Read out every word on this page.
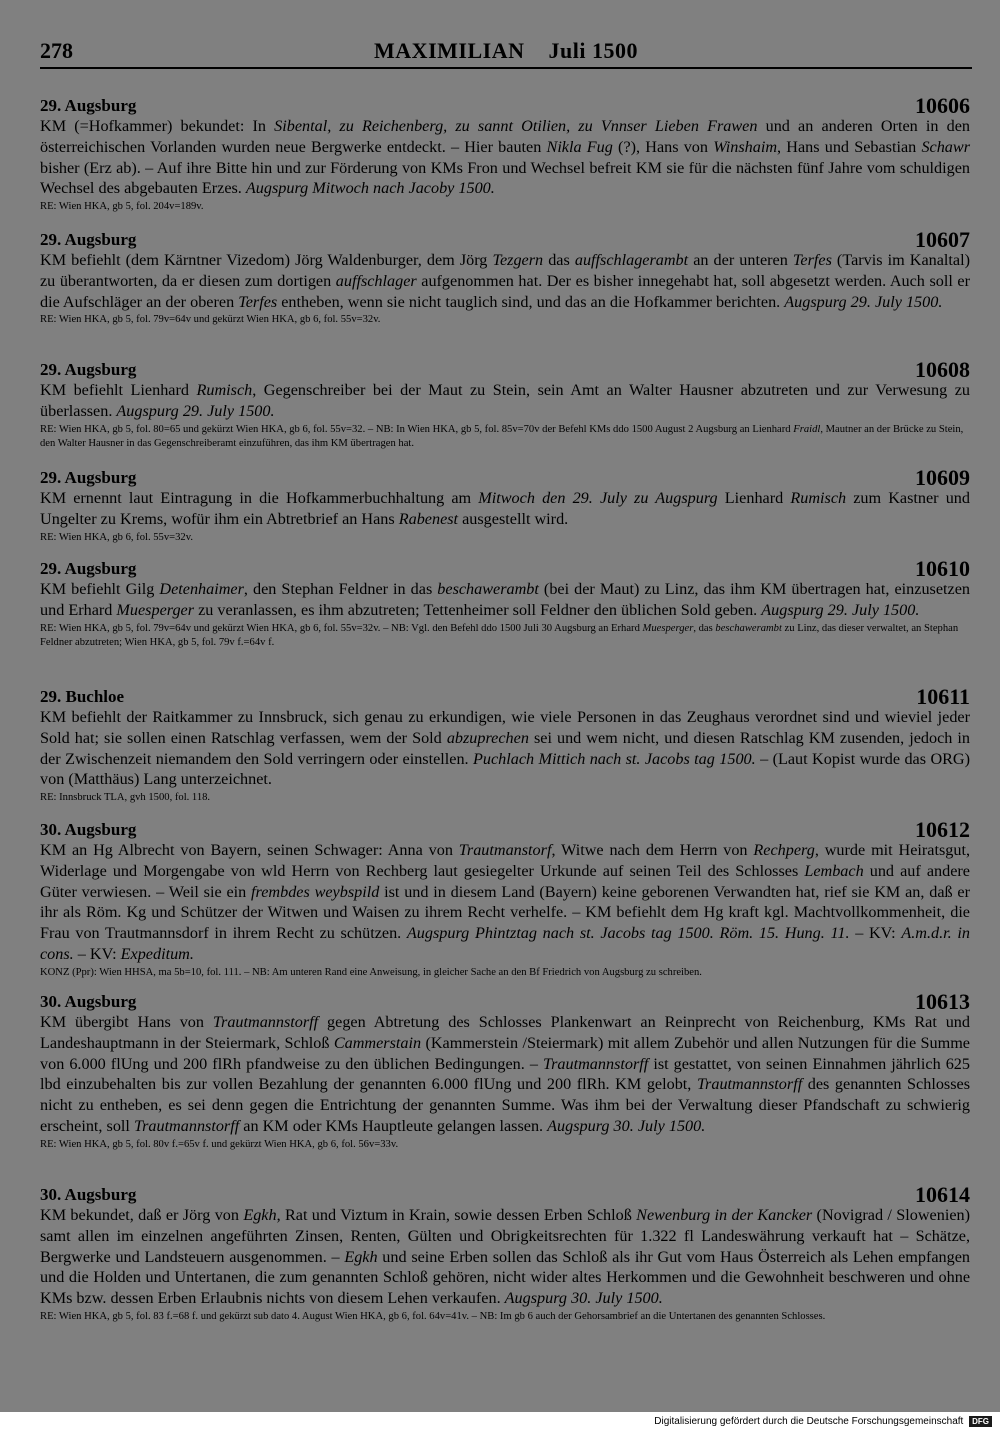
278	MAXIMILIAN Juli 1500
29. Augsburg	10606
KM (=Hofkammer) bekundet: In Sibental, zu Reichenberg, zu sannt Otilien, zu Vnnser Lieben Frawen und an anderen Orten in den österreichischen Vorlanden wurden neue Bergwerke entdeckt. – Hier bauten Nikla Fug (?), Hans von Winshaim, Hans und Sebastian Schawr bisher (Erz ab). – Auf ihre Bitte hin und zur Förderung von KMs Fron und Wechsel befreit KM sie für die nächsten fünf Jahre vom schuldigen Wechsel des abgebauten Erzes. Augspurg Mitwoch nach Jacoby 1500.
RE: Wien HKA, gb 5, fol. 204v=189v.
29. Augsburg	10607
KM befiehlt (dem Kärntner Vizedom) Jörg Waldenburger, dem Jörg Tezgern das auffschlagerambt an der unteren Terfes (Tarvis im Kanaltal) zu überantworten, da er diesen zum dortigen auffschlager aufgenommen hat. Der es bisher innegehabt hat, soll abgesetzt werden. Auch soll er die Aufschläger an der oberen Terfes entheben, wenn sie nicht tauglich sind, und das an die Hofkammer berichten. Augspurg 29. July 1500.
RE: Wien HKA, gb 5, fol. 79v=64v und gekürzt Wien HKA, gb 6, fol. 55v=32v.
29. Augsburg	10608
KM befiehlt Lienhard Rumisch, Gegenschreiber bei der Maut zu Stein, sein Amt an Walter Hausner abzutreten und zur Verwesung zu überlassen. Augspurg 29. July 1500.
RE: Wien HKA, gb 5, fol. 80=65 und gekürzt Wien HKA, gb 6, fol. 55v=32. – NB: In Wien HKA, gb 5, fol. 85v=70v der Befehl KMs ddo 1500 August 2 Augsburg an Lienhard Fraidl, Mautner an der Brücke zu Stein, den Walter Hausner in das Gegenschreiberamt einzuführen, das ihm KM übertragen hat.
29. Augsburg	10609
KM ernennt laut Eintragung in die Hofkammerbuchhaltung am Mitwoch den 29. July zu Augspurg Lienhard Rumisch zum Kastner und Ungelter zu Krems, wofür ihm ein Abtretbrief an Hans Rabenest ausgestellt wird.
RE: Wien HKA, gb 6, fol. 55v=32v.
29. Augsburg	10610
KM befiehlt Gilg Detenhaimer, den Stephan Feldner in das beschawerambt (bei der Maut) zu Linz, das ihm KM übertragen hat, einzusetzen und Erhard Muesperger zu veranlassen, es ihm abzutreten; Tettenheimer soll Feldner den üblichen Sold geben. Augspurg 29. July 1500.
RE: Wien HKA, gb 5, fol. 79v=64v und gekürzt Wien HKA, gb 6, fol. 55v=32v. – NB: Vgl. den Befehl ddo 1500 Juli 30 Augsburg an Erhard Muesperger, das beschawerambt zu Linz, das dieser verwaltet, an Stephan Feldner abzutreten; Wien HKA, gb 5, fol. 79v f.=64v f.
29. Buchloe	10611
KM befiehlt der Raitkammer zu Innsbruck, sich genau zu erkundigen, wie viele Personen in das Zeughaus verordnet sind und wieviel jeder Sold hat; sie sollen einen Ratschlag verfassen, wem der Sold abzuprechen sei und wem nicht, und diesen Ratschlag KM zusenden, jedoch in der Zwischenzeit niemandem den Sold verringern oder einstellen. Puchlach Mittich nach st. Jacobs tag 1500. – (Laut Kopist wurde das ORG) von (Matthäus) Lang unterzeichnet.
RE: Innsbruck TLA, gvh 1500, fol. 118.
30. Augsburg	10612
KM an Hg Albrecht von Bayern, seinen Schwager: Anna von Trautmanstorf, Witwe nach dem Herrn von Rechperg, wurde mit Heiratsgut, Widerlage und Morgengabe von wld Herrn von Rechberg laut gesiegelter Urkunde auf seinen Teil des Schlosses Lembach und auf andere Güter verwiesen. – Weil sie ein frembdes weybspild ist und in diesem Land (Bayern) keine geborenen Verwandten hat, rief sie KM an, daß er ihr als Röm. Kg und Schützer der Witwen und Waisen zu ihrem Recht verhelfe. – KM befiehlt dem Hg kraft kgl. Machtvollkommenheit, die Frau von Trautmannsdorf in ihrem Recht zu schützen. Augspurg Phintztag nach st. Jacobs tag 1500. Röm. 15. Hung. 11. – KV: A.m.d.r. in cons. – KV: Expeditum.
KONZ (Ppr): Wien HHSA, ma 5b=10, fol. 111. – NB: Am unteren Rand eine Anweisung, in gleicher Sache an den Bf Friedrich von Augsburg zu schreiben.
30. Augsburg	10613
KM übergibt Hans von Trautmannstorff gegen Abtretung des Schlosses Plankenwart an Reinprecht von Reichenburg, KMs Rat und Landeshauptmann in der Steiermark, Schloß Cammerstain (Kammerstein /Steiermark) mit allem Zubehör und allen Nutzungen für die Summe von 6.000 flUng und 200 flRh pfandweise zu den üblichen Bedingungen. – Trautmannstorff ist gestattet, von seinen Einnahmen jährlich 625 lbd einzubehalten bis zur vollen Bezahlung der genannten 6.000 flUng und 200 flRh. KM gelobt, Trautmannstorff des genannten Schlosses nicht zu entheben, es sei denn gegen die Entrichtung der genannten Summe. Was ihm bei der Verwaltung dieser Pfandschaft zu schwierig erscheint, soll Trautmannstorff an KM oder KMs Hauptleute gelangen lassen. Augspurg 30. July 1500.
RE: Wien HKA, gb 5, fol. 80v f.=65v f. und gekürzt Wien HKA, gb 6, fol. 56v=33v.
30. Augsburg	10614
KM bekundet, daß er Jörg von Egkh, Rat und Viztum in Krain, sowie dessen Erben Schloß Newenburg in der Kancker (Novigrad / Slowenien) samt allen im einzelnen angeführten Zinsen, Renten, Gülten und Obrigkeitsrechten für 1.322 fl Landeswährung verkauft hat – Schätze, Bergwerke und Landsteuern ausgenommen. – Egkh und seine Erben sollen das Schloß als ihr Gut vom Haus Österreich als Lehen empfangen und die Holden und Untertanen, die zum genannten Schloß gehören, nicht wider altes Herkommen und die Gewohnheit beschweren und ohne KMs bzw. dessen Erben Erlaubnis nichts von diesem Lehen verkaufen. Augspurg 30. July 1500.
RE: Wien HKA, gb 5, fol. 83 f.=68 f. und gekürzt sub dato 4. August Wien HKA, gb 6, fol. 64v=41v. – NB: Im gb 6 auch der Gehorsambrief an die Untertanen des genannten Schlosses.
Digitalisierung gefördert durch die Deutsche Forschungsgemeinschaft DFG
